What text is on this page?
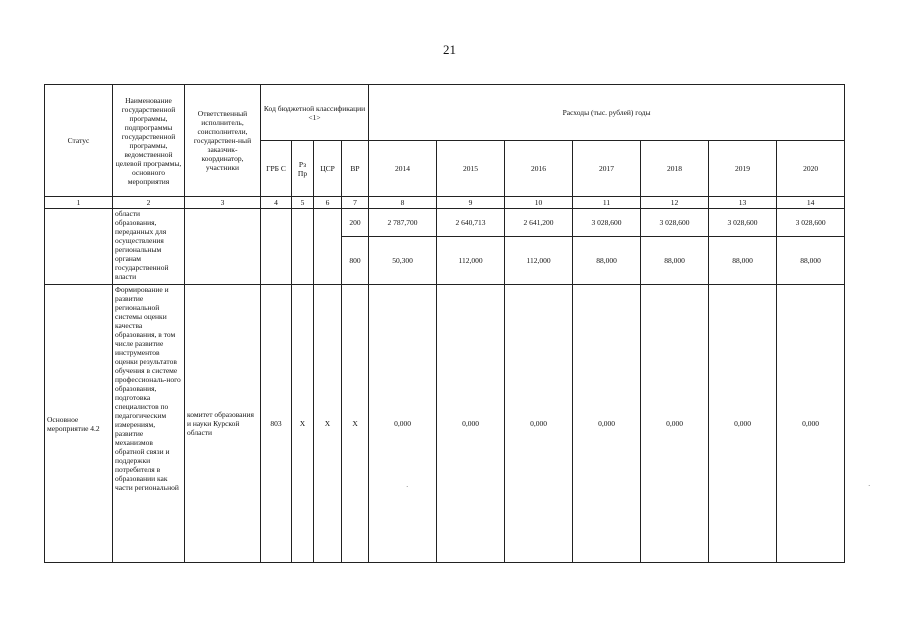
21
Статус	Наименование государственной программы, подпрограммы государственной программы, ведомственной целевой программы, основного мероприятия	Ответственный исполнитель, соисполнители, государствен-ный заказчик-координатор, участники	Код бюджетной классификации <1>				Расходы (тыс. рублей) годы						
			ГРБ С	Рз Пр	ЦСР	ВР	2014	2015	2016	2017	2018	2019	2020
1	2	3	4	5	6	7	8	9	10	11	12	13	14
	области образования, переданных для осуществления региональным органам государственной власти					200	2 787,700	2 640,713	2 641,200	3 028,600	3 028,600	3 028,600	3 028,600
						800	50,300	112,000	112,000	88,000	88,000	88,000	88,000
Основное мероприятие 4.2	Формирование и развитие региональной системы оценки качества образования, в том числе развитие инструментов оценки результатов обучения в системе профессиональ-ного образования, подготовка специалистов по педагогическим измерениям, развитие механизмов обратной связи и поддержки потребителя в образовании как части региональной	комитет образования и науки Курской области	803	X	X	X	0,000	0,000	0,000	0,000	0,000	0,000	0,000
·	·
